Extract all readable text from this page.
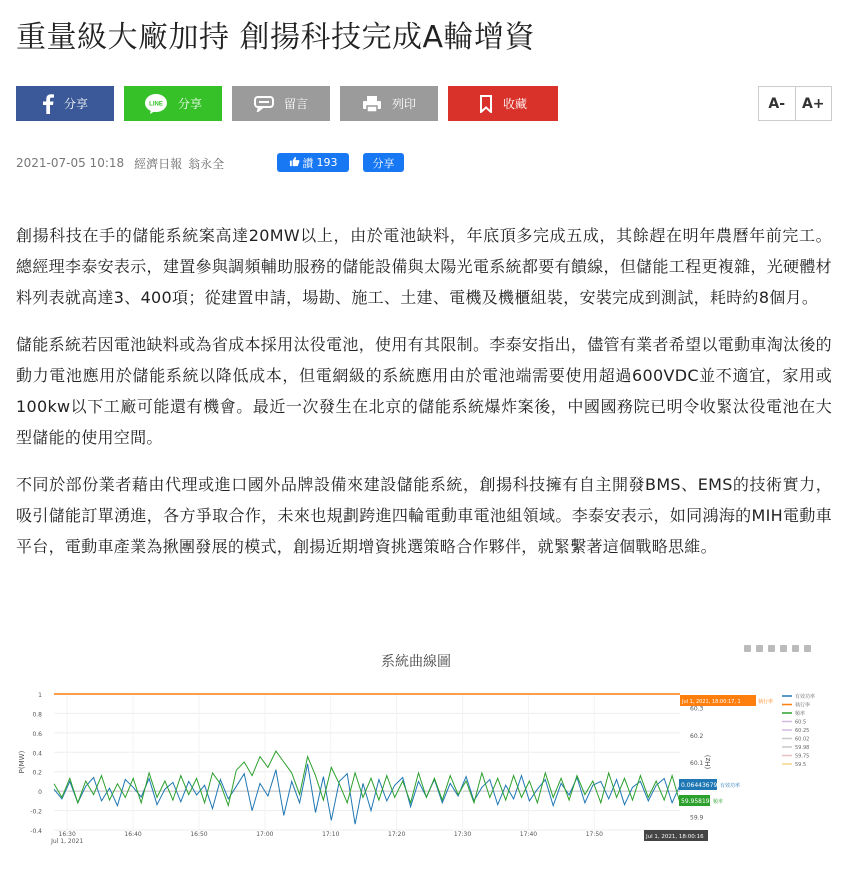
重量級大廠加持 創揚科技完成A輪增資
分享	LINE 分享	留言	列印	收藏	A-	A+
2021-07-05 10:18 經濟日報 翁永全	讚 193	分享

創揚科技在手的儲能系統案高達20MW以上，由於電池缺料，年底頂多完成五成，其餘趕在明年農曆年前完工。總經理李泰安表示，建置參與調頻輔助服務的儲能設備與太陽光電系統都要有饋線，但儲能工程更複雜，光硬體材料列表就高達3、400項；從建置申請，場勘、施工、土建、電機及機櫃組裝，安裝完成到測試，耗時約8個月。

儲能系統若因電池缺料或為省成本採用汰役電池，使用有其限制。李泰安指出，儘管有業者希望以電動車淘汰後的動力電池應用於儲能系統以降低成本，但電網級的系統應用由於電池端需要使用超過600VDC並不適宜，家用或100kw以下工廠可能還有機會。最近一次發生在北京的儲能系統爆炸案後，中國國務院已明令收緊汰役電池在大型儲能的使用空間。

不同於部份業者藉由代理或進口國外品牌設備來建設儲能系統，創揚科技擁有自主開發BMS、EMS的技術實力，吸引儲能訂單湧進，各方爭取合作，未來也規劃跨進四輪電動車電池組領域。李泰安表示，如同鴻海的MIH電動車平台，電動車產業為揪團發展的模式，創揚近期增資挑選策略合作夥伴，就緊繫著這個戰略思維。

系統曲線圖
1
0.8
0.6
0.4
0.2
0
-0.2
-0.4
60.3
60.2
60.1
59.9
16:30	16:40	16:50	17:00	17:10	17:20	17:30	17:40	17:50
Jul 1, 2021
P(MW)	(Hz)
Jul 1, 2021, 18:00:17, 1	執行率
0.06443679 有效功率
59.95819 頻率
Jul 1, 2021, 18:00:16
有效功率
執行率
頻率
60.5
60.25
60.02
59.98
59.75
59.5
